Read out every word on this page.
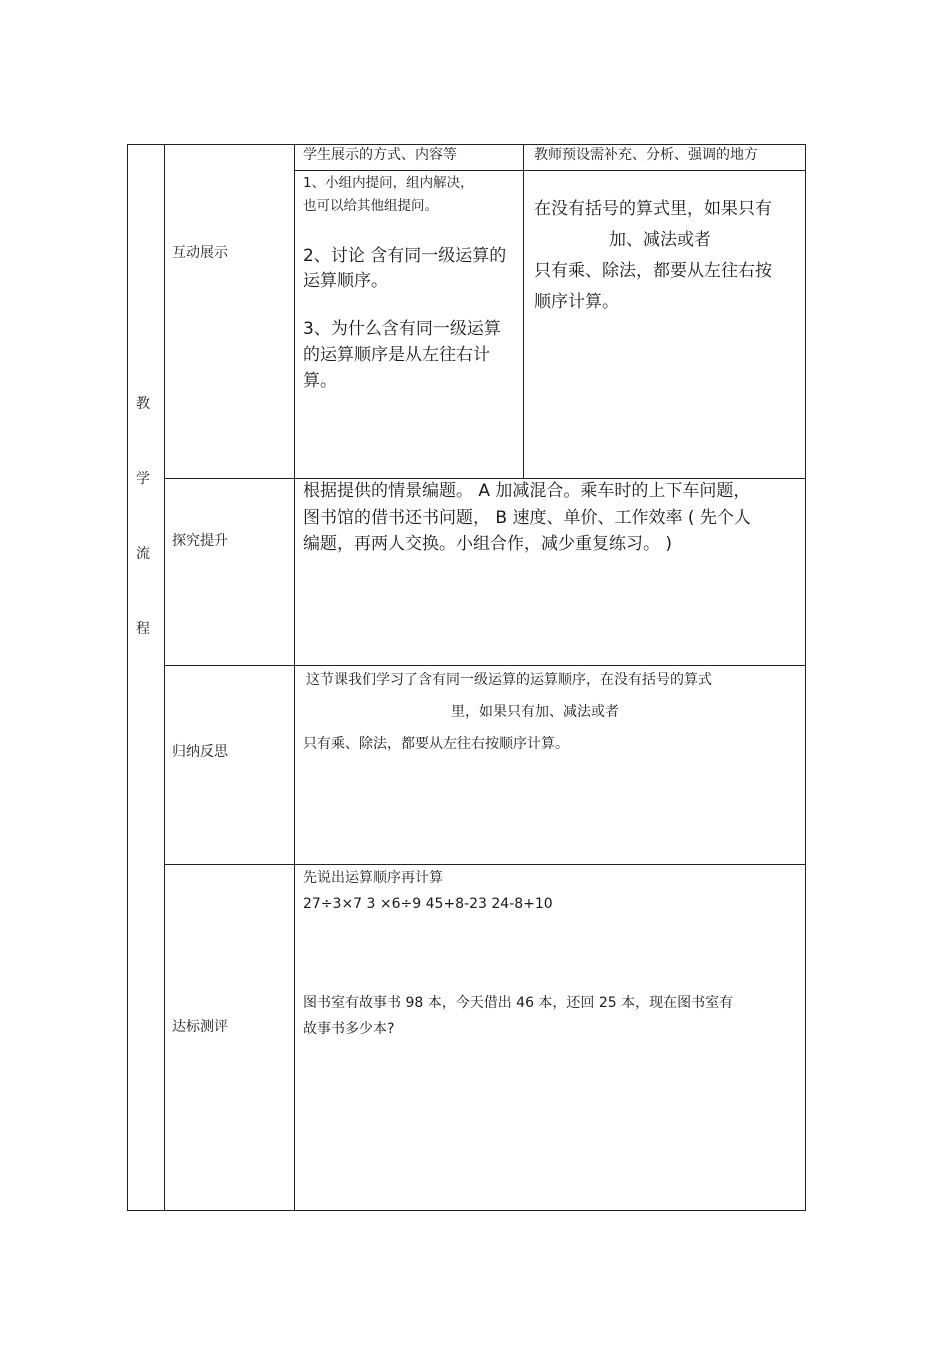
教
学
流
程
学生展示的方式、内容等	教师预设需补充、分析、强调的地方
互动展示
1、小组内提问，组内解决，
也可以给其他组提问。
2、讨论 含有同一级运算的
运算顺序。
3、为什么含有同一级运算
的运算顺序是从左往右计
算。
在没有括号的算式里，如果只有
加、减法或者
只有乘、除法，都要从左往右按
顺序计算。
探究提升
根据提供的情景编题。 A 加减混合。乘车时的上下车问题，
图书馆的借书还书问题， B 速度、单价、工作效率 ( 先个人
编题，再两人交换。小组合作，减少重复练习。 )
归纳反思
这节课我们学习了含有同一级运算的运算顺序，在没有括号的算式
里，如果只有加、减法或者
只有乘、除法，都要从左往右按顺序计算。
达标测评
先说出运算顺序再计算
27÷3×7 3 ×6÷9 45+8-23 24-8+10
图书室有故事书 98 本，今天借出 46 本，还回 25 本，现在图书室有
故事书多少本?
